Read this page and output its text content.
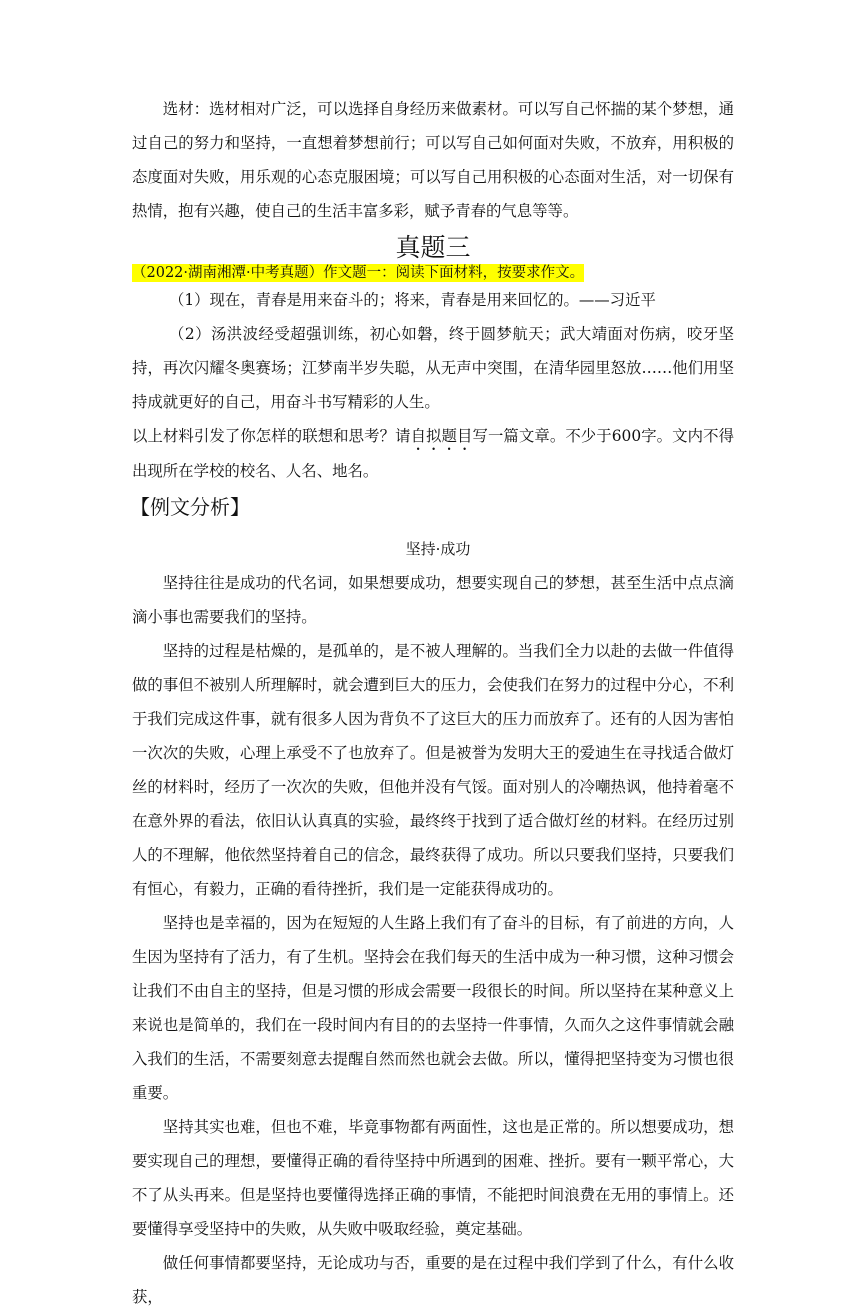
选材：选材相对广泛，可以选择自身经历来做素材。可以写自己怀揣的某个梦想，通过自己的努力和坚持，一直想着梦想前行；可以写自己如何面对失败，不放弃，用积极的态度面对失败，用乐观的心态克服困境；可以写自己用积极的心态面对生活，对一切保有热情，抱有兴趣，使自己的生活丰富多彩，赋予青春的气息等等。

真题三
（2022·湖南湘潭·中考真题）作文题一：阅读下面材料，按要求作文。

（1）现在，青春是用来奋斗的；将来，青春是用来回忆的。——习近平

（2）汤洪波经受超强训练，初心如磐，终于圆梦航天；武大靖面对伤病，咬牙坚持，再次闪耀冬奥赛场；江梦南半岁失聪，从无声中突围，在清华园里怒放……他们用坚持成就更好的自己，用奋斗书写精彩的人生。

以上材料引发了你怎样的联想和思考？请自拟题目写一篇文章。不少于600字。文内不得出现所在学校的校名、人名、地名。

【例文分析】
坚持·成功

坚持往往是成功的代名词，如果想要成功，想要实现自己的梦想，甚至生活中点点滴滴小事也需要我们的坚持。

坚持的过程是枯燥的，是孤单的，是不被人理解的。当我们全力以赴的去做一件值得做的事但不被别人所理解时，就会遭到巨大的压力，会使我们在努力的过程中分心，不利于我们完成这件事，就有很多人因为背负不了这巨大的压力而放弃了。还有的人因为害怕一次次的失败，心理上承受不了也放弃了。但是被誉为发明大王的爱迪生在寻找适合做灯丝的材料时，经历了一次次的失败，但他并没有气馁。面对别人的冷嘲热讽，他持着毫不在意外界的看法，依旧认认真真的实验，最终终于找到了适合做灯丝的材料。在经历过别人的不理解，他依然坚持着自己的信念，最终获得了成功。所以只要我们坚持，只要我们有恒心，有毅力，正确的看待挫折，我们是一定能获得成功的。

坚持也是幸福的，因为在短短的人生路上我们有了奋斗的目标，有了前进的方向，人生因为坚持有了活力，有了生机。坚持会在我们每天的生活中成为一种习惯，这种习惯会让我们不由自主的坚持，但是习惯的形成会需要一段很长的时间。所以坚持在某种意义上来说也是简单的，我们在一段时间内有目的的去坚持一件事情，久而久之这件事情就会融入我们的生活，不需要刻意去提醒自然而然也就会去做。所以，懂得把坚持变为习惯也很重要。

坚持其实也难，但也不难，毕竟事物都有两面性，这也是正常的。所以想要成功，想要实现自己的理想，要懂得正确的看待坚持中所遇到的困难、挫折。要有一颗平常心，大不了从头再来。但是坚持也要懂得选择正确的事情，不能把时间浪费在无用的事情上。还要懂得享受坚持中的失败，从失败中吸取经验，奠定基础。

做任何事情都要坚持，无论成功与否，重要的是在过程中我们学到了什么，有什么收获，
